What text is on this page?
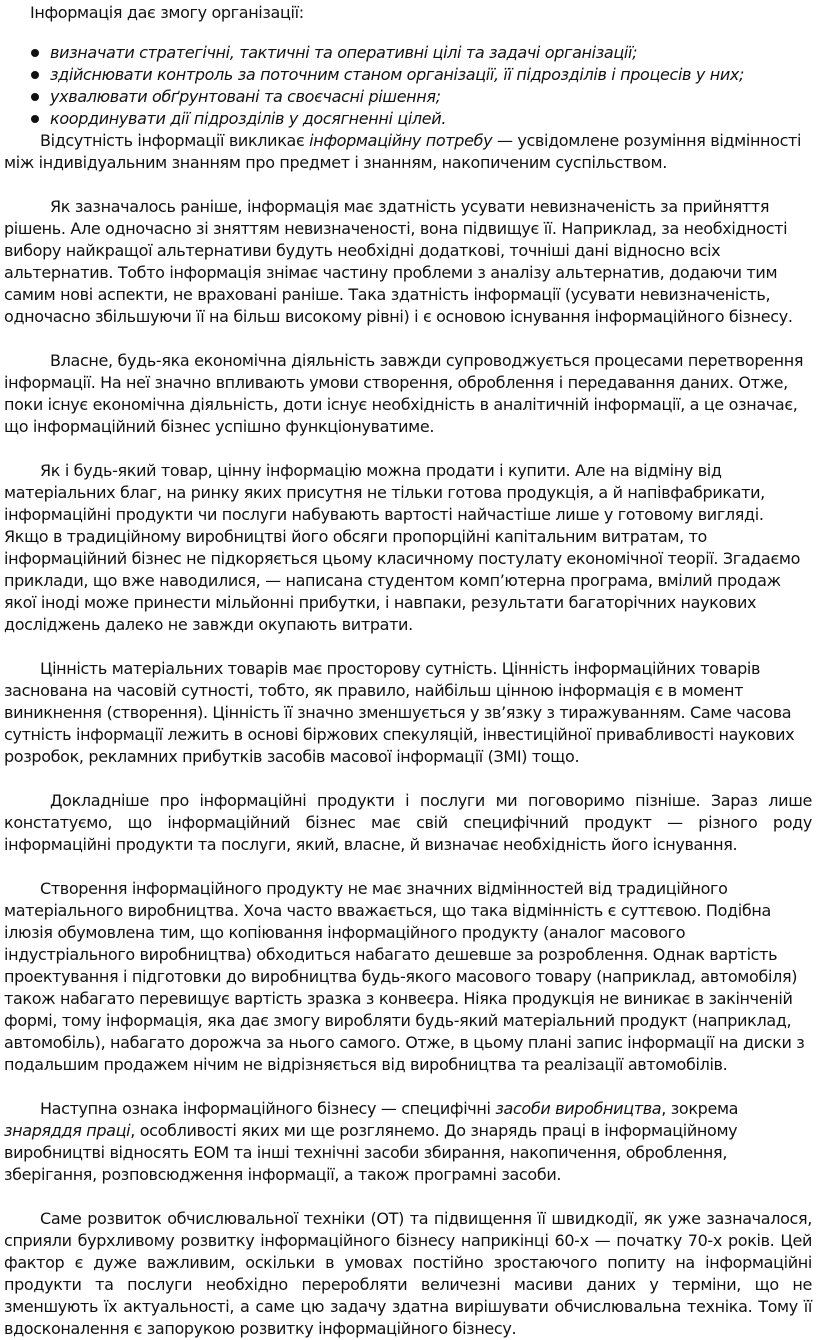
Інформація дає змогу організації:

визначати стратегічні, тактичні та оперативні цілі та задачі організації;
здійснювати контроль за поточним станом організації, її підрозділів і процесів у них;
ухвалювати обґрунтовані та своєчасні рішення;
координувати дії підрозділів у досягненні цілей.

Відсутність інформації викликає інформаційну потребу — усвідомлене розуміння відмінності між індивідуальним знанням про предмет і знанням, накопиченим суспільством.

Як зазначалось раніше, інформація має здатність усувати невизначеність за прийняття рішень. Але одночасно зі зняттям невизначеності, вона підвищує її. Наприклад, за необхідності вибору найкращої альтернативи будуть необхідні додаткові, точніші дані відносно всіх альтернатив. Тобто інформація знімає частину проблеми з аналізу альтернатив, додаючи тим самим нові аспекти, не враховані раніше. Така здатність інформації (усувати невизначеність, одночасно збільшуючи її на більш високому рівні) і є основою існування інформаційного бізнесу.

Власне, будь-яка економічна діяльність завжди супроводжується процесами перетворення інформації. На неї значно впливають умови створення, оброблення і передавання даних. Отже, поки існує економічна діяльність, доти існує необхідність в аналітичній інформації, а це означає, що інформаційний бізнес успішно функціонуватиме.

Як і будь-який товар, цінну інформацію можна продати і купити. Але на відміну від матеріальних благ, на ринку яких присутня не тільки готова продукція, а й напівфабрикати, інформаційні продукти чи послуги набувають вартості найчастіше лише у готовому вигляді. Якщо в традиційному виробництві його обсяги пропорційні капітальним витратам, то інформаційний бізнес не підкоряється цьому класичному постулату економічної теорії. Згадаємо приклади, що вже наводилися, — написана студентом комп’ютерна програма, вмілий продаж якої іноді може принести мільйонні прибутки, і навпаки, результати багаторічних наукових досліджень далеко не завжди окупають витрати.

Цінність матеріальних товарів має просторову сутність. Цінність інформаційних товарів заснована на часовій сутності, тобто, як правило, найбільш цінною інформація є в момент виникнення (створення). Цінність її значно зменшується у зв’язку з тиражуванням. Саме часова сутність інформації лежить в основі біржових спекуляцій, інвестиційної привабливості наукових розробок, рекламних прибутків засобів масової інформації (ЗМІ) тощо.

Докладніше про інформаційні продукти і послуги ми поговоримо пізніше. Зараз лише констатуємо, що інформаційний бізнес має свій специфічний продукт — різного роду інформаційні продукти та послуги, який, власне, й визначає необхідність його існування.

Створення інформаційного продукту не має значних відмінностей від традиційного матеріального виробництва. Хоча часто вважається, що така відмінність є суттєвою. Подібна ілюзія обумовлена тим, що копіювання інформаційного продукту (аналог масового індустріального виробництва) обходиться набагато дешевше за розроблення. Однак вартість проектування і підготовки до виробництва будь-якого масового товару (наприклад, автомобіля) також набагато перевищує вартість зразка з конвеєра. Ніяка продукція не виникає в закінченій формі, тому інформація, яка дає змогу виробляти будь-який матеріальний продукт (наприклад, автомобіль), набагато дорожча за нього самого. Отже, в цьому плані запис інформації на диски з подальшим продажем нічим не відрізняється від виробництва та реалізації автомобілів.

Наступна ознака інформаційного бізнесу — специфічні засоби виробництва, зокрема знаряддя праці, особливості яких ми ще розглянемо. До знарядь праці в інформаційному виробництві відносять ЕОМ та інші технічні засоби збирання, накопичення, оброблення, зберігання, розповсюдження інформації, а також програмні засоби.

Саме розвиток обчислювальної техніки (ОТ) та підвищення її швидкодії, як уже зазначалося, сприяли бурхливому розвитку інформаційного бізнесу наприкінці 60-х — початку 70-х років. Цей фактор є дуже важливим, оскільки в умовах постійно зростаючого попиту на інформаційні продукти та послуги необхідно переробляти величезні масиви даних у терміни, що не зменшують їх актуальності, а саме цю задачу здатна вирішувати обчислювальна техніка. Тому її вдосконалення є запорукою розвитку інформаційного бізнесу.
